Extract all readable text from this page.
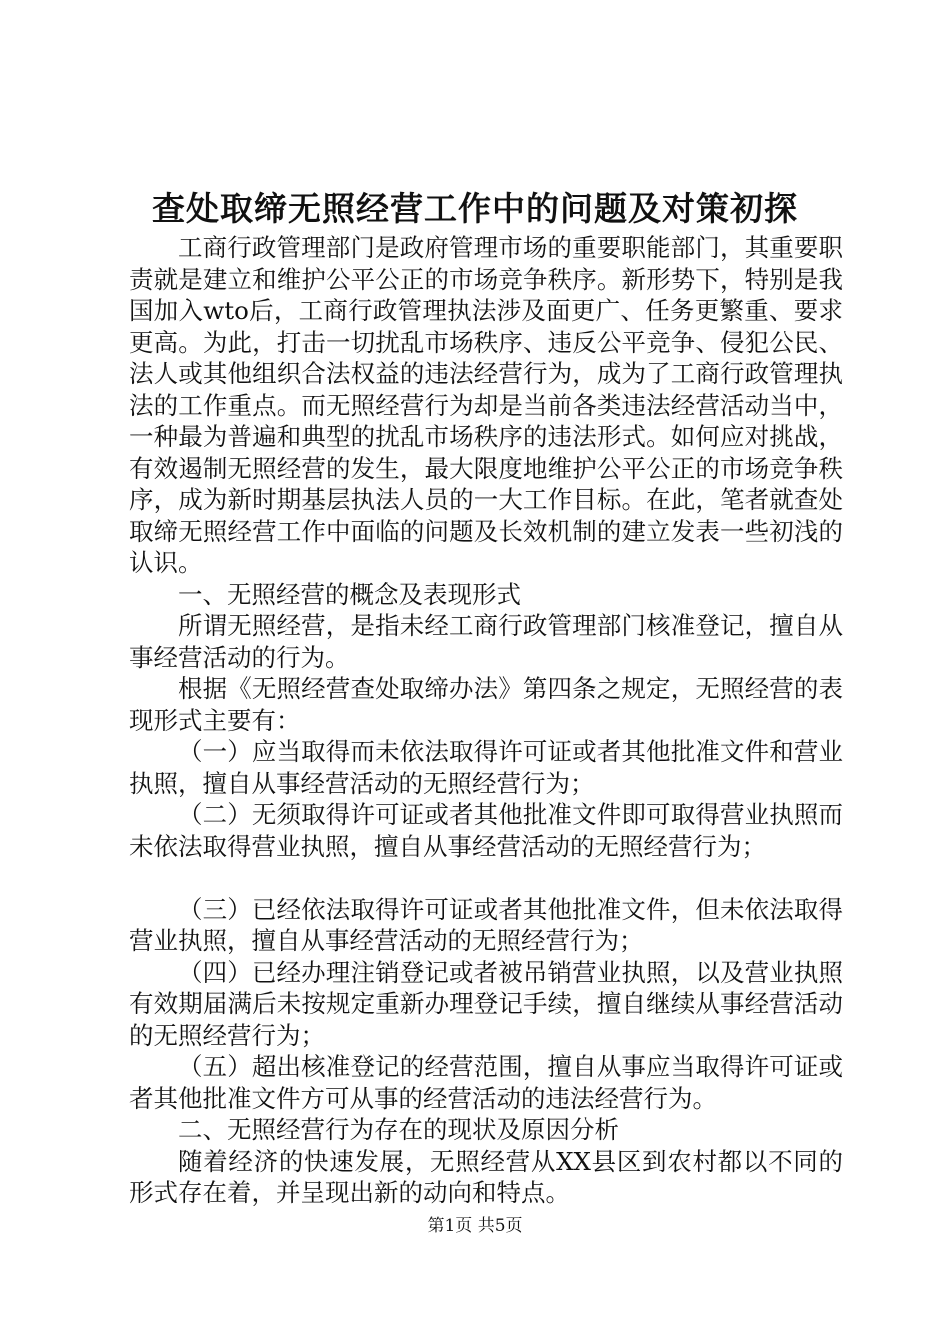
查处取缔无照经营工作中的问题及对策初探

工商行政管理部门是政府管理市场的重要职能部门，其重要职责就是建立和维护公平公正的市场竞争秩序。新形势下，特别是我国加入wto后，工商行政管理执法涉及面更广、任务更繁重、要求更高。为此，打击一切扰乱市场秩序、违反公平竞争、侵犯公民、法人或其他组织合法权益的违法经营行为，成为了工商行政管理执法的工作重点。而无照经营行为却是当前各类违法经营活动当中，一种最为普遍和典型的扰乱市场秩序的违法形式。如何应对挑战，有效遏制无照经营的发生，最大限度地维护公平公正的市场竞争秩序，成为新时期基层执法人员的一大工作目标。在此，笔者就查处取缔无照经营工作中面临的问题及长效机制的建立发表一些初浅的认识。

一、无照经营的概念及表现形式

所谓无照经营，是指未经工商行政管理部门核准登记，擅自从事经营活动的行为。

根据《无照经营查处取缔办法》第四条之规定，无照经营的表现形式主要有：

（一）应当取得而未依法取得许可证或者其他批准文件和营业执照，擅自从事经营活动的无照经营行为；

（二）无须取得许可证或者其他批准文件即可取得营业执照而未依法取得营业执照，擅自从事经营活动的无照经营行为；

（三）已经依法取得许可证或者其他批准文件，但未依法取得营业执照，擅自从事经营活动的无照经营行为；

（四）已经办理注销登记或者被吊销营业执照，以及营业执照有效期届满后未按规定重新办理登记手续，擅自继续从事经营活动的无照经营行为；

（五）超出核准登记的经营范围，擅自从事应当取得许可证或者其他批准文件方可从事的经营活动的违法经营行为。

二、无照经营行为存在的现状及原因分析

随着经济的快速发展，无照经营从XX县区到农村都以不同的形式存在着，并呈现出新的动向和特点。

第1页 共5页
